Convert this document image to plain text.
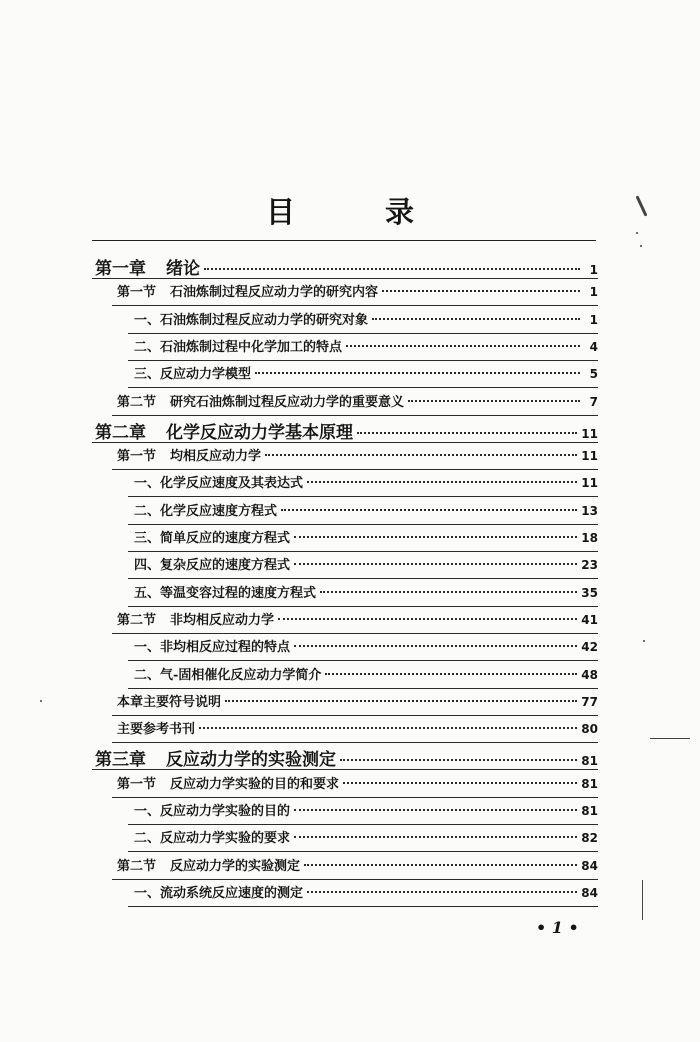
目 录
第一章 绪论	1
第一节 石油炼制过程反应动力学的研究内容	1
一、石油炼制过程反应动力学的研究对象	1
二、石油炼制过程中化学加工的特点	4
三、反应动力学模型	5
第二节 研究石油炼制过程反应动力学的重要意义	7
第二章 化学反应动力学基本原理	11
第一节 均相反应动力学	11
一、化学反应速度及其表达式	11
二、化学反应速度方程式	13
三、简单反应的速度方程式	18
四、复杂反应的速度方程式	23
五、等温变容过程的速度方程式	35
第二节 非均相反应动力学	41
一、非均相反应过程的特点	42
二、气-固相催化反应动力学简介	48
本章主要符号说明	77
主要参考书刊	80
第三章 反应动力学的实验测定	81
第一节 反应动力学实验的目的和要求	81
一、反应动力学实验的目的	81
二、反应动力学实验的要求	82
第二节 反应动力学的实验测定	84
一、流动系统反应速度的测定	84
• 1 •
